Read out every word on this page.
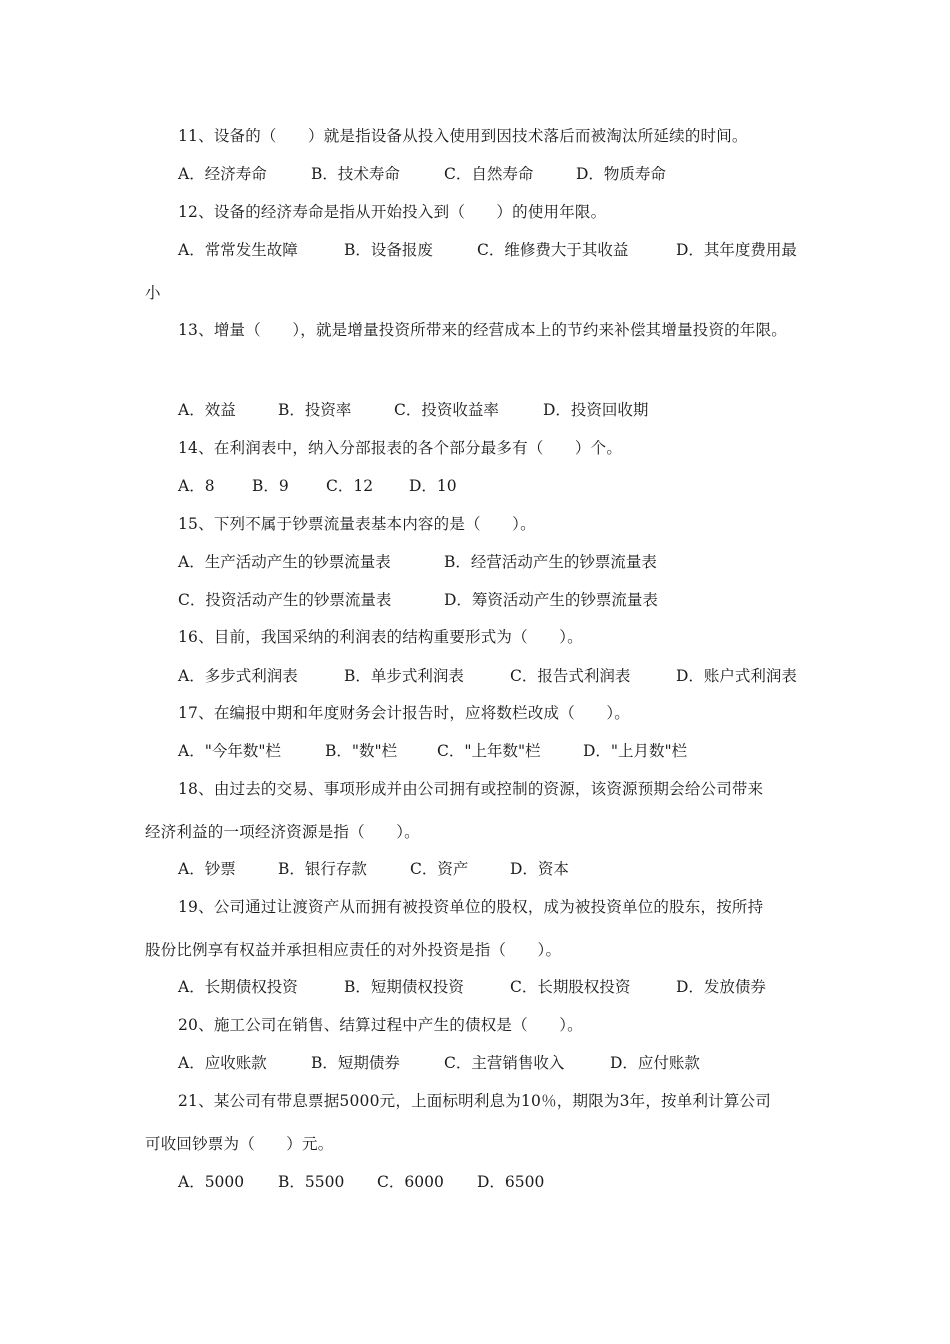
11、设备的（　　）就是指设备从投入使用到因技术落后而被淘汰所延续的时间。

A．经济寿命

	B．技术寿命

	C．自然寿命

	D．物质寿命

12、设备的经济寿命是指从开始投入到（　　）的使用年限。

A．常常发生故障

	B．设备报废

	C．维修费大于其收益

	D．其年度费用最

小
13、增量（　　），就是增量投资所带来的经营成本上的节约来补偿其增量投资的年限。

A．效益

	B．投资率

	C．投资收益率

	D．投资回收期

14、在利润表中，纳入分部报表的各个部分最多有（　　）个。

A．8

B．9

C．12

D．10

15、下列不属于钞票流量表基本内容的是（　　）。

A．生产活动产生的钞票流量表

	B．经营活动产生的钞票流量表

C．投资活动产生的钞票流量表

	D．筹资活动产生的钞票流量表

16、目前，我国采纳的利润表的结构重要形式为（　　）。

A．多步式利润表

	B．单步式利润表

	C．报告式利润表

	D．账户式利润表

17、在编报中期和年度财务会计报告时，应将数栏改成（　　）。

A．"今年数"栏

	B．"数"栏

	C．"上年数"栏

	D．"上月数"栏

18、由过去的交易、事项形成并由公司拥有或控制的资源，该资源预期会给公司带来
经济利益的一项经济资源是指（　　）。

A．钞票

	B．银行存款

	C．资产

	D．资本

19、公司通过让渡资产从而拥有被投资单位的股权，成为被投资单位的股东，按所持
股份比例享有权益并承担相应责任的对外投资是指（　　）。

A．长期债权投资

	B．短期债权投资

	C．长期股权投资

	D．发放债券

20、施工公司在销售、结算过程中产生的债权是（　　）。

A．应收账款

	B．短期债券

	C．主营销售收入

	D．应付账款

21、某公司有带息票据5000元，上面标明利息为10％，期限为3年，按单利计算公司
可收回钞票为（　　）元。

A．5000

B．5500

C．6000

D．6500
